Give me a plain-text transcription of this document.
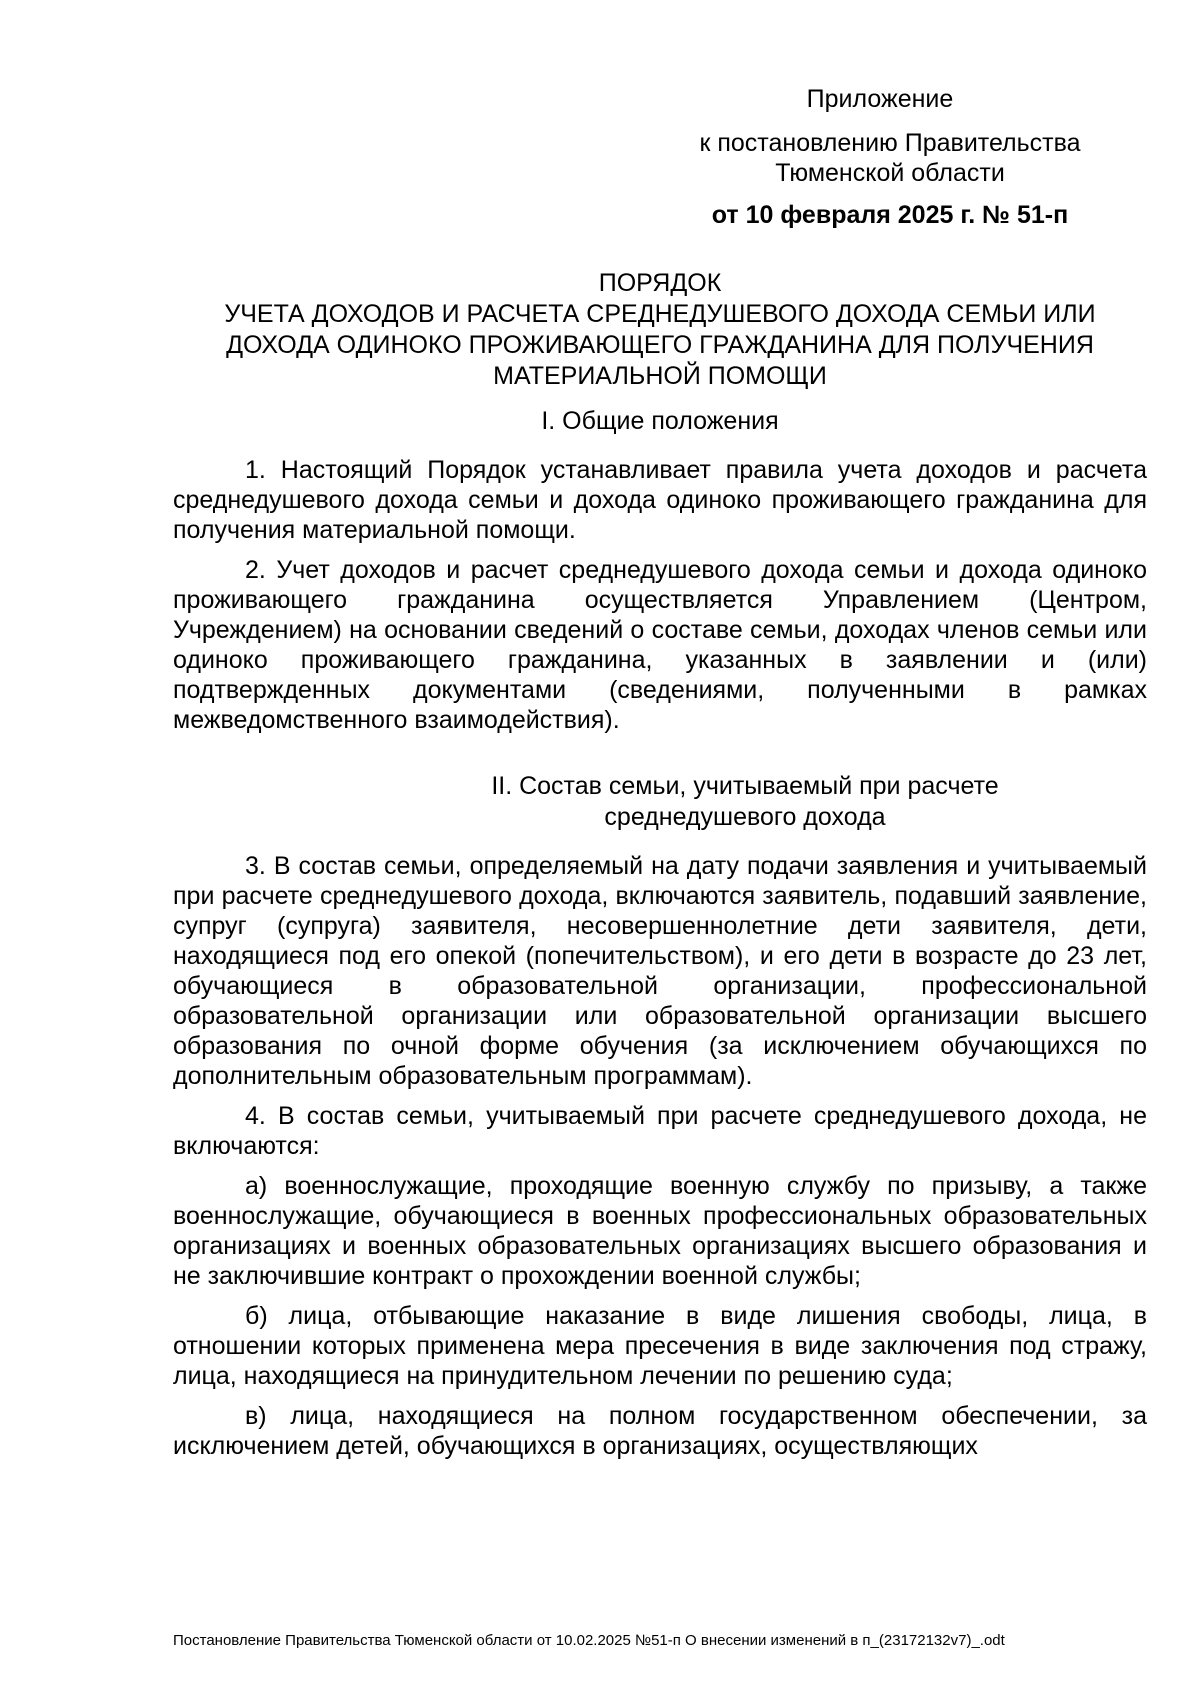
Приложение
к постановлению Правительства
Тюменской области
от 10 февраля 2025 г. № 51-п
ПОРЯДОК
УЧЕТА ДОХОДОВ И РАСЧЕТА СРЕДНЕДУШЕВОГО ДОХОДА СЕМЬИ ИЛИ
ДОХОДА ОДИНОКО ПРОЖИВАЮЩЕГО ГРАЖДАНИНА ДЛЯ ПОЛУЧЕНИЯ
МАТЕРИАЛЬНОЙ ПОМОЩИ
I. Общие положения

1. Настоящий Порядок устанавливает правила учета доходов и расчета среднедушевого дохода семьи и дохода одиноко проживающего гражданина для получения материальной помощи.

2. Учет доходов и расчет среднедушевого дохода семьи и дохода одиноко проживающего гражданина осуществляется Управлением (Центром, Учреждением) на основании сведений о составе семьи, доходах членов семьи или одиноко проживающего гражданина, указанных в заявлении и (или) подтвержденных документами (сведениями, полученными в рамках межведомственного взаимодействия).

II. Состав семьи, учитываемый при расчете
среднедушевого дохода

3. В состав семьи, определяемый на дату подачи заявления и учитываемый при расчете среднедушевого дохода, включаются заявитель, подавший заявление, супруг (супруга) заявителя, несовершеннолетние дети заявителя, дети, находящиеся под его опекой (попечительством), и его дети в возрасте до 23 лет, обучающиеся в образовательной организации, профессиональной образовательной организации или образовательной организации высшего образования по очной форме обучения (за исключением обучающихся по дополнительным образовательным программам).

4. В состав семьи, учитываемый при расчете среднедушевого дохода, не включаются:

а) военнослужащие, проходящие военную службу по призыву, а также военнослужащие, обучающиеся в военных профессиональных образовательных организациях и военных образовательных организациях высшего образования и не заключившие контракт о прохождении военной службы;

б) лица, отбывающие наказание в виде лишения свободы, лица, в отношении которых применена мера пресечения в виде заключения под стражу, лица, находящиеся на принудительном лечении по решению суда;

в) лица, находящиеся на полном государственном обеспечении, за исключением детей, обучающихся в организациях, осуществляющих

Постановление Правительства Тюменской области от 10.02.2025 №51-п О внесении изменений в п_(23172132v7)_.odt
